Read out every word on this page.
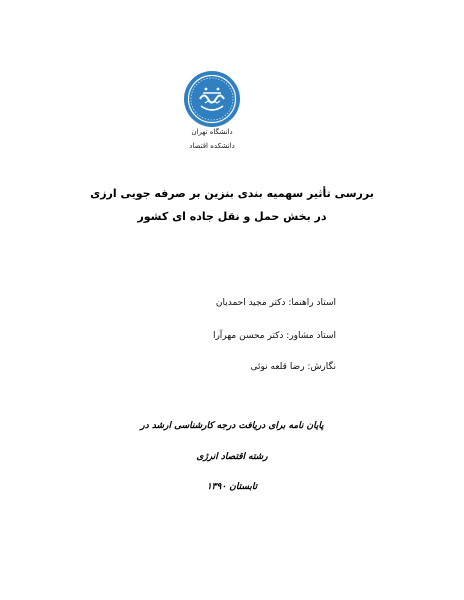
دانشگاه تهران
دانشکده اقتصاد
بررسی تأثیر سهمیه بندی بنزین بر صرفه جویی ارزی
در بخش حمل و نقل جاده ای کشور
استاد راهنما: دکتر مجید احمدیان
استاد مشاور: دکتر محسن مهرآرا
نگارش: رضا قلعه نوئی
پایان نامه برای دریافت درجه کارشناسی ارشد در
رشته اقتصاد انرژی
تابستان ۱۳۹۰
